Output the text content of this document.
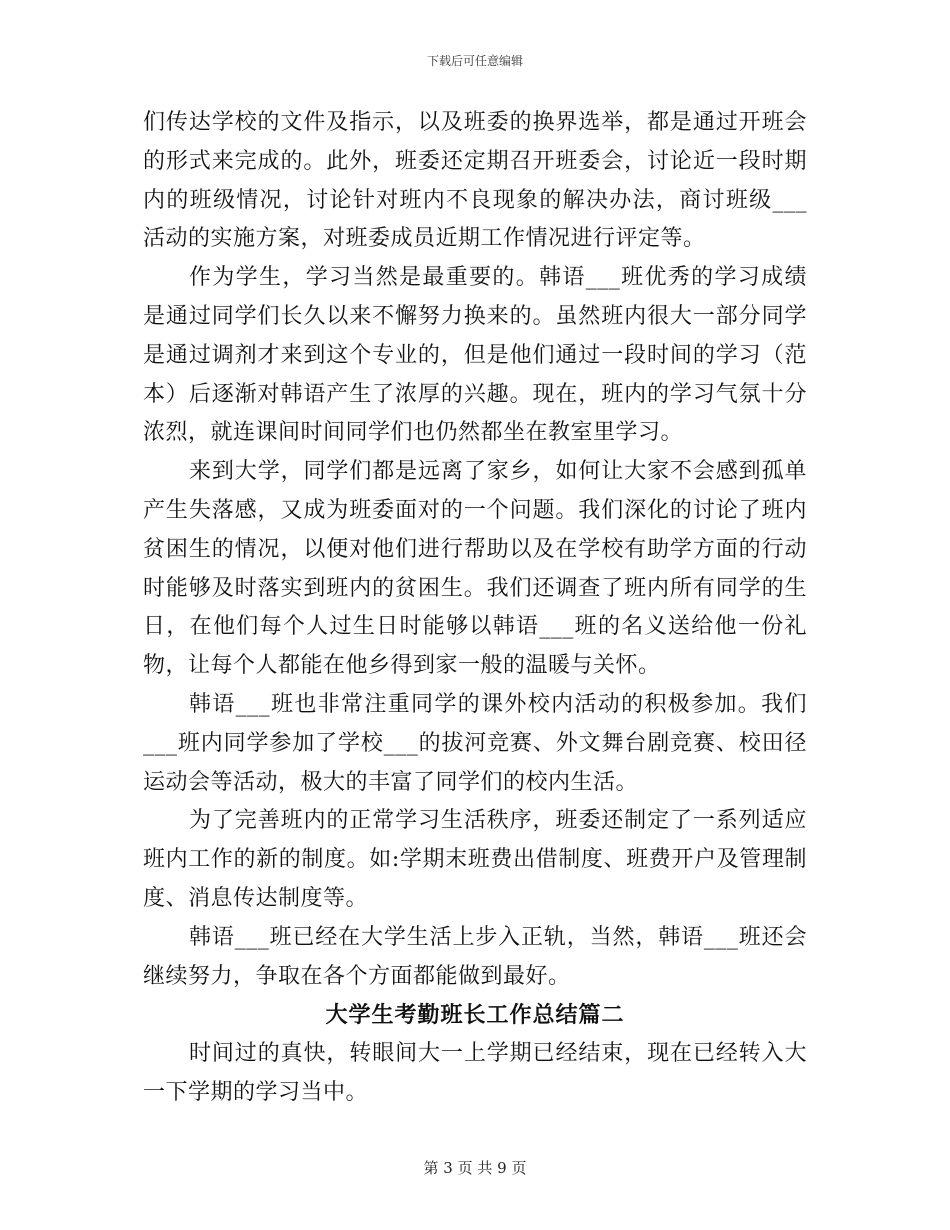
下载后可任意编辑

们传达学校的文件及指示，以及班委的换界选举，都是通过开班会的形式来完成的。此外，班委还定期召开班委会，讨论近一段时期内的班级情况，讨论针对班内不良现象的解决办法，商讨班级___活动的实施方案，对班委成员近期工作情况进行评定等。

作为学生，学习当然是最重要的。韩语___班优秀的学习成绩是通过同学们长久以来不懈努力换来的。虽然班内很大一部分同学是通过调剂才来到这个专业的，但是他们通过一段时间的学习（范本）后逐渐对韩语产生了浓厚的兴趣。现在，班内的学习气氛十分浓烈，就连课间时间同学们也仍然都坐在教室里学习。

来到大学，同学们都是远离了家乡，如何让大家不会感到孤单产生失落感，又成为班委面对的一个问题。我们深化的讨论了班内贫困生的情况，以便对他们进行帮助以及在学校有助学方面的行动时能够及时落实到班内的贫困生。我们还调查了班内所有同学的生日，在他们每个人过生日时能够以韩语___班的名义送给他一份礼物，让每个人都能在他乡得到家一般的温暖与关怀。

韩语___班也非常注重同学的课外校内活动的积极参加。我们___班内同学参加了学校___的拔河竞赛、外文舞台剧竞赛、校田径运动会等活动，极大的丰富了同学们的校内生活。

为了完善班内的正常学习生活秩序，班委还制定了一系列适应班内工作的新的制度。如:学期末班费出借制度、班费开户及管理制度、消息传达制度等。

韩语___班已经在大学生活上步入正轨，当然，韩语___班还会继续努力，争取在各个方面都能做到最好。

大学生考勤班长工作总结篇二

时间过的真快，转眼间大一上学期已经结束，现在已经转入大一下学期的学习当中。

第 3 页 共 9 页
